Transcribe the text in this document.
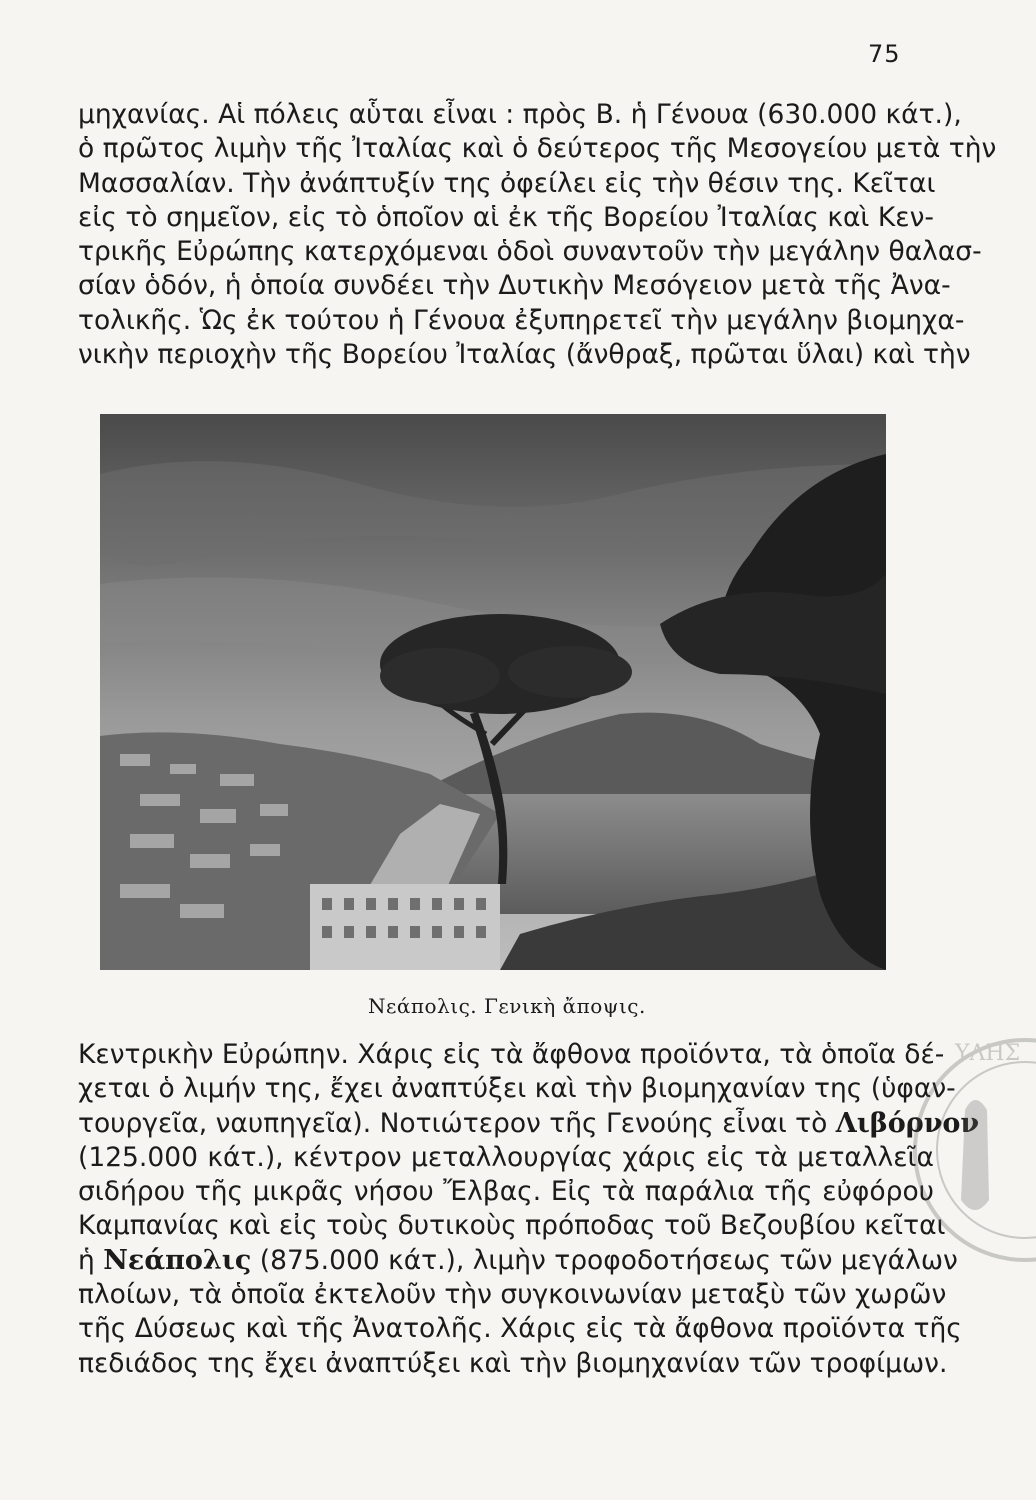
75
μηχανίας. Αἱ πόλεις αὗται εἶναι : πρὸς Β. ἡ Γένουα (630.000 κάτ.),
ὁ πρῶτος λιμὴν τῆς Ἰταλίας καὶ ὁ δεύτερος τῆς Μεσογείου μετὰ τὴν
Μασσαλίαν. Τὴν ἀνάπτυξίν της ὀφείλει εἰς τὴν θέσιν της. Κεῖται
εἰς τὸ σημεῖον, εἰς τὸ ὁποῖον αἱ ἐκ τῆς Βορείου Ἰταλίας καὶ Κεν-
τρικῆς Εὐρώπης κατερχόμεναι ὁδοὶ συναντοῦν τὴν μεγάλην θαλασ-
σίαν ὁδόν, ἡ ὁποία συνδέει τὴν Δυτικὴν Μεσόγειον μετὰ τῆς Ἀνα-
τολικῆς. Ὡς ἐκ τούτου ἡ Γένουα ἐξυπηρετεῖ τὴν μεγάλην βιομηχα-
νικὴν περιοχὴν τῆς Βορείου Ἰταλίας (ἄνθραξ, πρῶται ὕλαι) καὶ τὴν
Νεάπολις. Γενικὴ ἄποψις.
Κεντρικὴν Εὐρώπην. Χάρις εἰς τὰ ἄφθονα προϊόντα, τὰ ὁποῖα δέ-
χεται ὁ λιμήν της, ἔχει ἀναπτύξει καὶ τὴν βιομηχανίαν της (ὑφαν-
τουργεῖα, ναυπηγεῖα). Νοτιώτερον τῆς Γενούης εἶναι τὸ Λιβόρνον
(125.000 κάτ.), κέντρον μεταλλουργίας χάρις εἰς τὰ μεταλλεῖα
σιδήρου τῆς μικρᾶς νήσου Ἔλβας. Εἰς τὰ παράλια τῆς εὐφόρου
Καμπανίας καὶ εἰς τοὺς δυτικοὺς πρόποδας τοῦ Βεζουβίου κεῖται
ἡ Νεάπολις (875.000 κάτ.), λιμὴν τροφοδοτήσεως τῶν μεγάλων
πλοίων, τὰ ὁποῖα ἐκτελοῦν τὴν συγκοινωνίαν μεταξὺ τῶν χωρῶν
τῆς Δύσεως καὶ τῆς Ἀνατολῆς. Χάρις εἰς τὰ ἄφθονα προϊόντα τῆς
πεδιάδος της ἔχει ἀναπτύξει καὶ τὴν βιομηχανίαν τῶν τροφίμων.
ΥΛΗΣ
